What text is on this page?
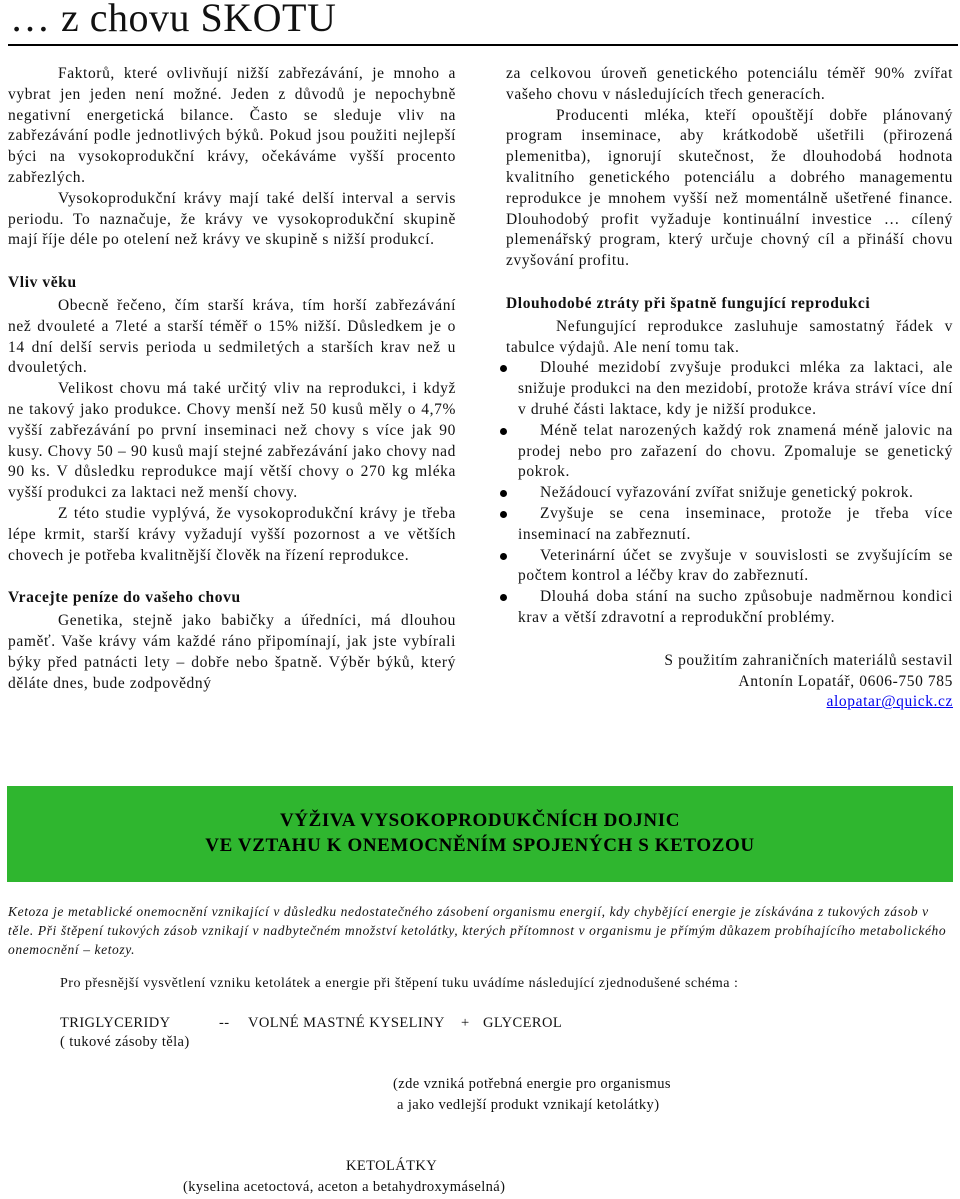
… z chovu SKOTU

Faktorů, které ovlivňují nižší zabřezávání, je mnoho a vybrat jen jeden není možné. Jeden z důvodů je nepochybně negativní energetická bilance. Často se sleduje vliv na zabřezávání podle jednotlivých býků. Pokud jsou použiti nejlepší býci na vysokoprodukční krávy, očekáváme vyšší procento zabřezlých.

Vysokoprodukční krávy mají také delší interval a servis periodu. To naznačuje, že krávy ve vysokoprodukční skupině mají říje déle po otelení než krávy ve skupině s nižší produkcí.

Vliv věku

Obecně řečeno, čím starší kráva, tím horší zabřezávání než dvouleté a 7leté a starší téměř o 15% nižší. Důsledkem je o 14 dní delší servis perioda u sedmiletých a starších krav než u dvouletých.

Velikost chovu má také určitý vliv na reprodukci, i když ne takový jako produkce. Chovy menší než 50 kusů měly o 4,7% vyšší zabřezávání po první inseminaci než chovy s více jak 90 kusy. Chovy 50 – 90 kusů mají stejné zabřezávání jako chovy nad 90 ks. V důsledku reprodukce mají větší chovy o 270 kg mléka vyšší produkci za laktaci než menší chovy.

Z této studie vyplývá, že vysokoprodukční krávy je třeba lépe krmit, starší krávy vyžadují vyšší pozornost a ve větších chovech je potřeba kvalitnější člověk na řízení reprodukce.

Vracejte peníze do vašeho chovu

Genetika, stejně jako babičky a úředníci, má dlouhou paměť. Vaše krávy vám každé ráno připomínají, jak jste vybírali býky před patnácti lety – dobře nebo špatně. Výběr býků, který děláte dnes, bude zodpovědný

za celkovou úroveň genetického potenciálu téměř 90% zvířat vašeho chovu v následujících třech generacích.

Producenti mléka, kteří opouštějí dobře plánovaný program inseminace, aby krátkodobě ušetřili (přirozená plemenitba), ignorují skutečnost, že dlouhodobá hodnota kvalitního genetického potenciálu a dobrého managementu reprodukce je mnohem vyšší než momentálně ušetřené finance. Dlouhodobý profit vyžaduje kontinuální investice … cílený plemenářský program, který určuje chovný cíl a přináší chovu zvyšování profitu.

Dlouhodobé ztráty při špatně fungující reprodukci

Nefungující reprodukce zasluhuje samostatný řádek v tabulce výdajů. Ale není tomu tak.

Dlouhé mezidobí zvyšuje produkci mléka za laktaci, ale snižuje produkci na den mezidobí, protože kráva stráví více dní v druhé části laktace, kdy je nižší produkce.
Méně telat narozených každý rok znamená méně jalovic na prodej nebo pro zařazení do chovu. Zpomaluje se genetický pokrok.
Nežádoucí vyřazování zvířat snižuje genetický pokrok.
Zvyšuje se cena inseminace, protože je třeba více inseminací na zabřeznutí.
Veterinární účet se zvyšuje v souvislosti se zvyšujícím se počtem kontrol a léčby krav do zabřeznutí.
Dlouhá doba stání na sucho způsobuje nadměrnou kondici krav a větší zdravotní a reprodukční problémy.

S použitím zahraničních materiálů sestavil

Antonín Lopatář, 0606-750 785

alopatar@quick.cz

VÝŽIVA VYSOKOPRODUKČNÍCH DOJNIC
VE VZTAHU K ONEMOCNĚNÍM SPOJENÝCH S KETOZOU

Ketoza je metablické onemocnění vznikající v důsledku nedostatečného zásobení organismu energií, kdy chybějící energie je získávána z tukových zásob v těle. Při štěpení tukových zásob vznikají v nadbytečném množství ketolátky, kterých přítomnost v organismu je přímým důkazem probíhajícího metabolického onemocnění – ketozy.

Pro přesnější vysvětlení vzniku ketolátek a energie při štěpení tuku uvádíme následující zjednodušené schéma :
TRIGLYCERIDY	-- VOLNÉ MASTNÉ KYSELINY + GLYCEROL
( tukové zásoby těla)
(zde vzniká potřebná energie pro organismus
a jako vedlejší produkt vznikají ketolátky)
KETOLÁTKY
(kyselina acetoctová, aceton a betahydroxymáselná)
